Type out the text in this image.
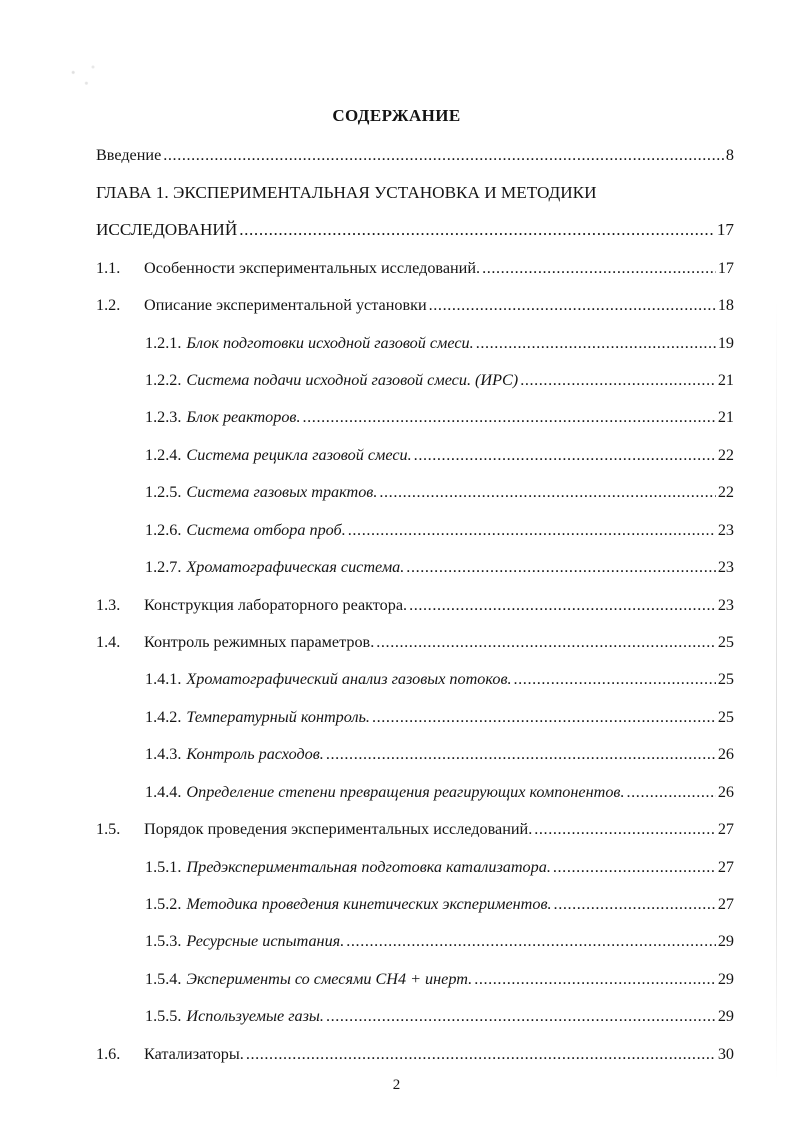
СОДЕРЖАНИЕ
Введение .....	8
ГЛАВА 1. ЭКСПЕРИМЕНТАЛЬНАЯ УСТАНОВКА И МЕТОДИКИ
ИССЛЕДОВАНИЙ .....	17
1.1.	Особенности экспериментальных исследований. .....	17
1.2.	Описание экспериментальной установки .....	18
1.2.1. Блок подготовки исходной газовой смеси. .....	19
1.2.2. Система подачи исходной газовой смеси. (ИРС) .....	21
1.2.3. Блок реакторов. .....	21
1.2.4. Система рецикла газовой смеси. .....	22
1.2.5. Система газовых трактов. .....	22
1.2.6. Система отбора проб. .....	23
1.2.7. Хроматографическая система. .....	23
1.3.	Конструкция лабораторного реактора. .....	23
1.4.	Контроль режимных параметров. .....	25
1.4.1. Хроматографический анализ газовых потоков. .....	25
1.4.2. Температурный контроль. .....	25
1.4.3. Контроль расходов. .....	26
1.4.4. Определение степени превращения реагирующих компонентов. .....	26
1.5.	Порядок проведения экспериментальных исследований. .....	27
1.5.1. Предэкспериментальная подготовка катализатора. .....	27
1.5.2. Методика проведения кинетических экспериментов. .....	27
1.5.3. Ресурсные испытания. .....	29
1.5.4. Эксперименты со смесями CH4 + инерт. .....	29
1.5.5. Используемые газы. .....	29
1.6.	Катализаторы. .....	30
2
